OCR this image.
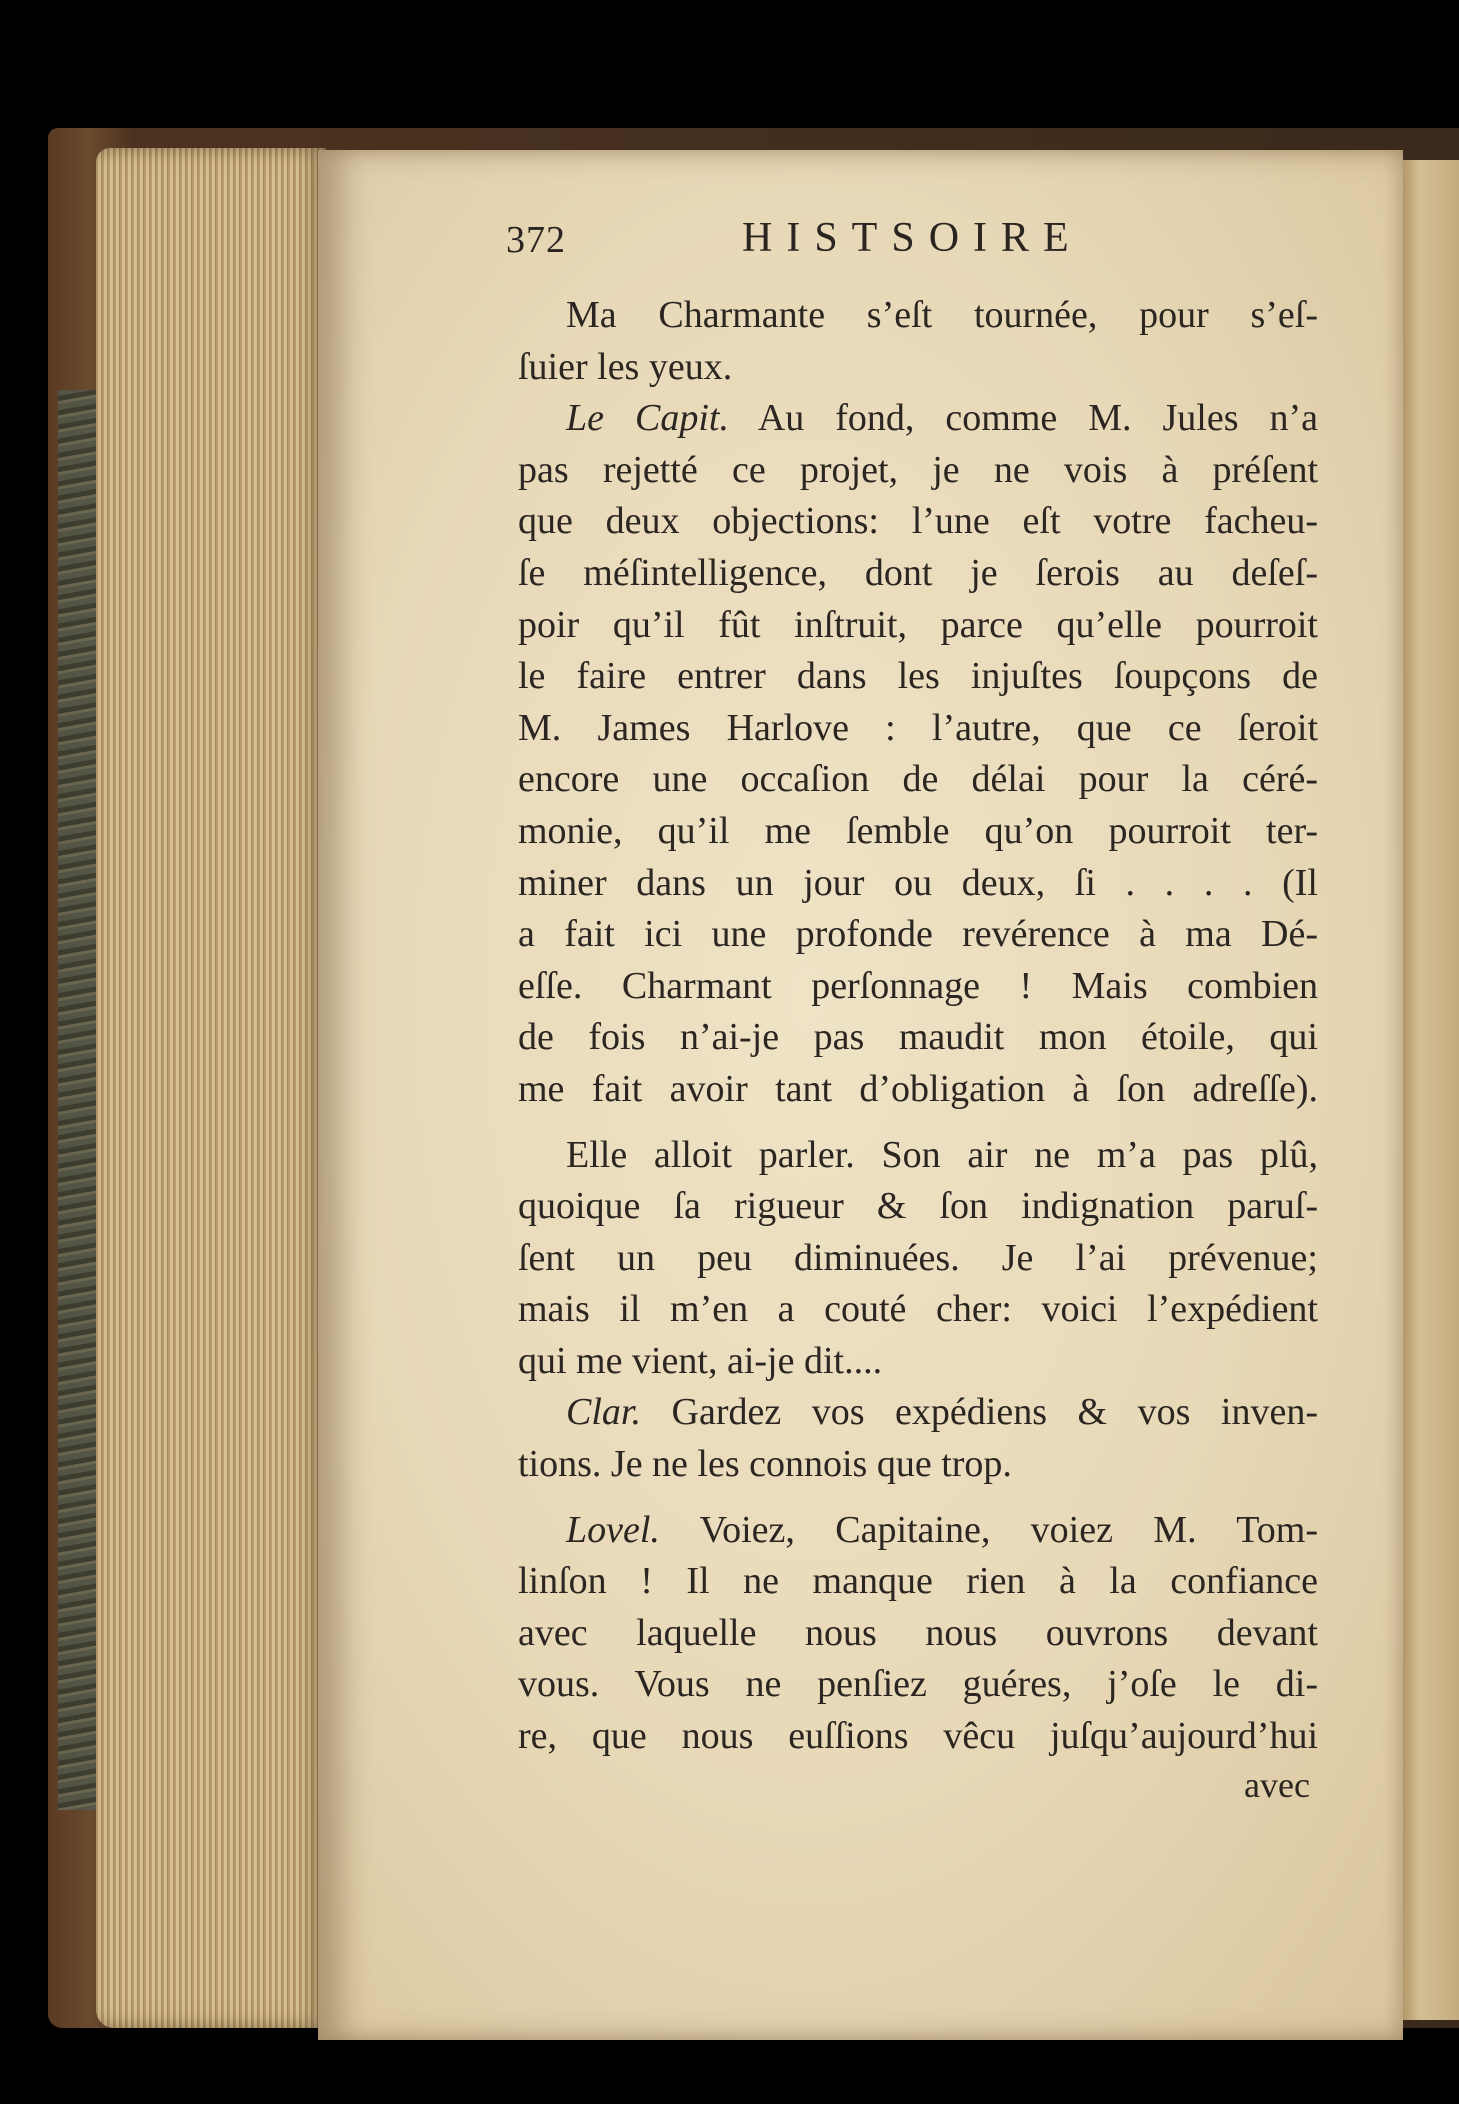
372	HISTSOIRE
Ma Charmante s’eſt tournée, pour s’eſ-
ſuier les yeux.
Le Capit. Au fond, comme M. Jules n’a
pas rejetté ce projet, je ne vois à préſent
que deux objections: l’une eſt votre facheu-
ſe méſintelligence, dont je ſerois au deſeſ-
poir qu’il fût inſtruit, parce qu’elle pourroit
le faire entrer dans les injuſtes ſoupçons de
M. James Harlove : l’autre, que ce ſeroit
encore une occaſion de délai pour la céré-
monie, qu’il me ſemble qu’on pourroit ter-
miner dans un jour ou deux, ſi . . . . (Il
a fait ici une profonde revérence à ma Dé-
eſſe. Charmant perſonnage ! Mais combien
de fois n’ai-je pas maudit mon étoile, qui
me fait avoir tant d’obligation à ſon adreſſe).
Elle alloit parler. Son air ne m’a pas plû,
quoique ſa rigueur & ſon indignation paruſ-
ſent un peu diminuées. Je l’ai prévenue;
mais il m’en a couté cher: voici l’expédient
qui me vient, ai-je dit....
Clar. Gardez vos expédiens & vos inven-
tions. Je ne les connois que trop.
Lovel. Voiez, Capitaine, voiez M. Tom-
linſon ! Il ne manque rien à la confiance
avec laquelle nous nous ouvrons devant
vous. Vous ne penſiez guéres, j’oſe le di-
re, que nous euſſions vêcu juſqu’aujourd’hui
avec
